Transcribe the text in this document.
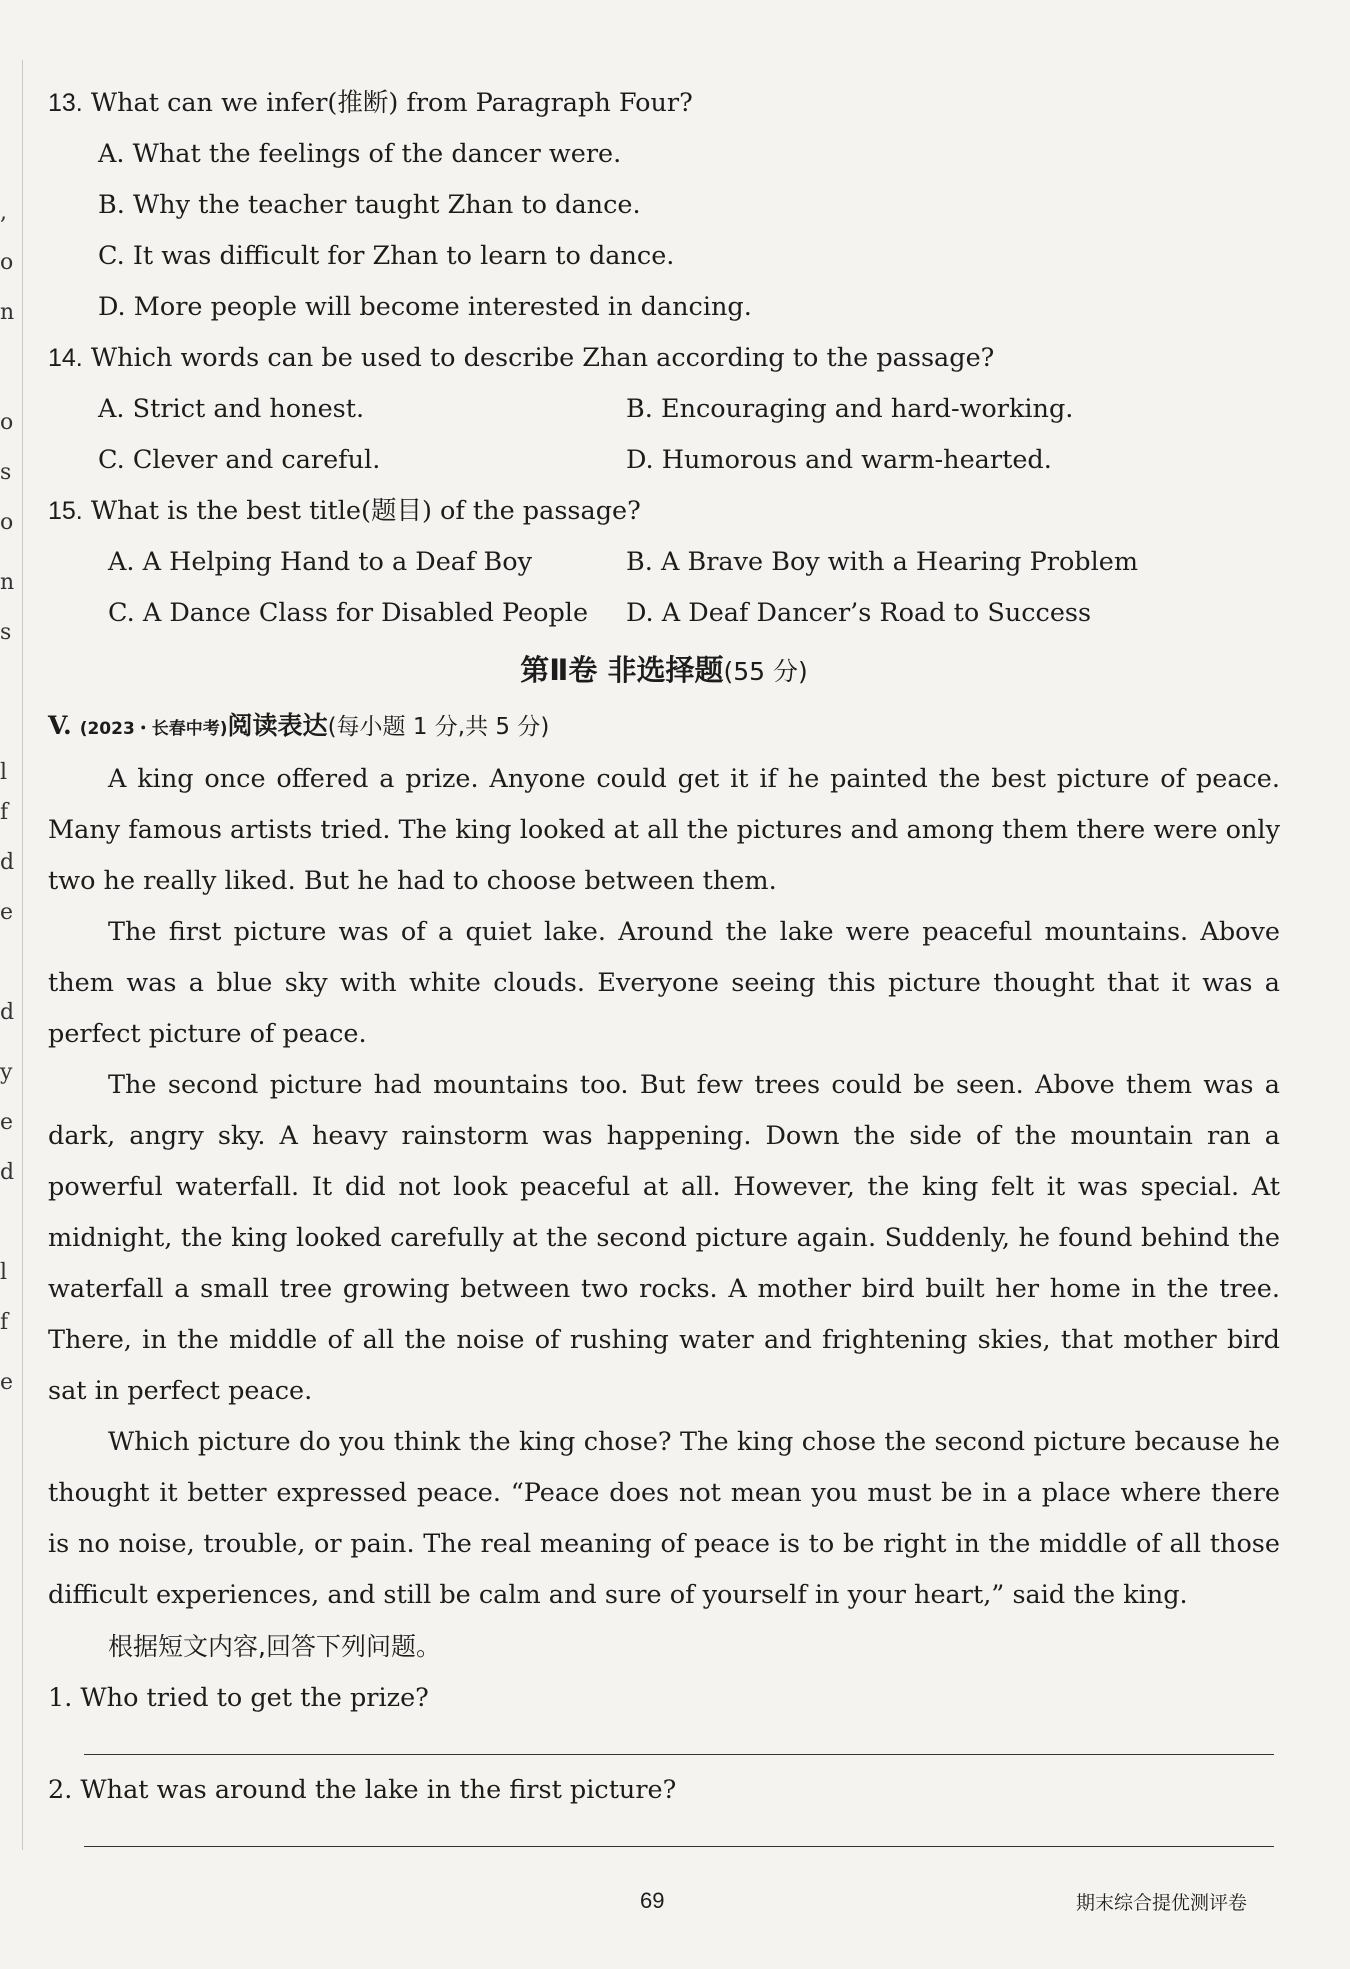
,
o
n
o
s
o
n
s
l
f
d
e
d
y
e
d
l
f
e
13. What can we infer(推断) from Paragraph Four?
A. What the feelings of the dancer were.
B. Why the teacher taught Zhan to dance.
C. It was difficult for Zhan to learn to dance.
D. More people will become interested in dancing.
14. Which words can be used to describe Zhan according to the passage?
A. Strict and honest.	B. Encouraging and hard-working.
C. Clever and careful.	D. Humorous and warm-hearted.
15. What is the best title(题目) of the passage?
A. A Helping Hand to a Deaf Boy	B. A Brave Boy with a Hearing Problem
C. A Dance Class for Disabled People D. A Deaf Dancer’s Road to Success
第Ⅱ卷 非选择题(55 分)
V. (2023・长春中考)阅读表达(每小题 1 分,共 5 分)

A king once offered a prize. Anyone could get it if he painted the best picture of peace. Many famous artists tried. The king looked at all the pictures and among them there were only two he really liked. But he had to choose between them.

The first picture was of a quiet lake. Around the lake were peaceful mountains. Above them was a blue sky with white clouds. Everyone seeing this picture thought that it was a perfect picture of peace.

The second picture had mountains too. But few trees could be seen. Above them was a dark, angry sky. A heavy rainstorm was happening. Down the side of the mountain ran a powerful waterfall. It did not look peaceful at all. However, the king felt it was special. At midnight, the king looked carefully at the second picture again. Suddenly, he found behind the waterfall a small tree growing between two rocks. A mother bird built her home in the tree. There, in the middle of all the noise of rushing water and frightening skies, that mother bird sat in perfect peace.

Which picture do you think the king chose? The king chose the second picture because he thought it better expressed peace. “Peace does not mean you must be in a place where there is no noise, trouble, or pain. The real meaning of peace is to be right in the middle of all those difficult experiences, and still be calm and sure of yourself in your heart,” said the king.

根据短文内容,回答下列问题。
1. Who tried to get the prize?
2. What was around the lake in the first picture?
69	期末综合提优测评卷
